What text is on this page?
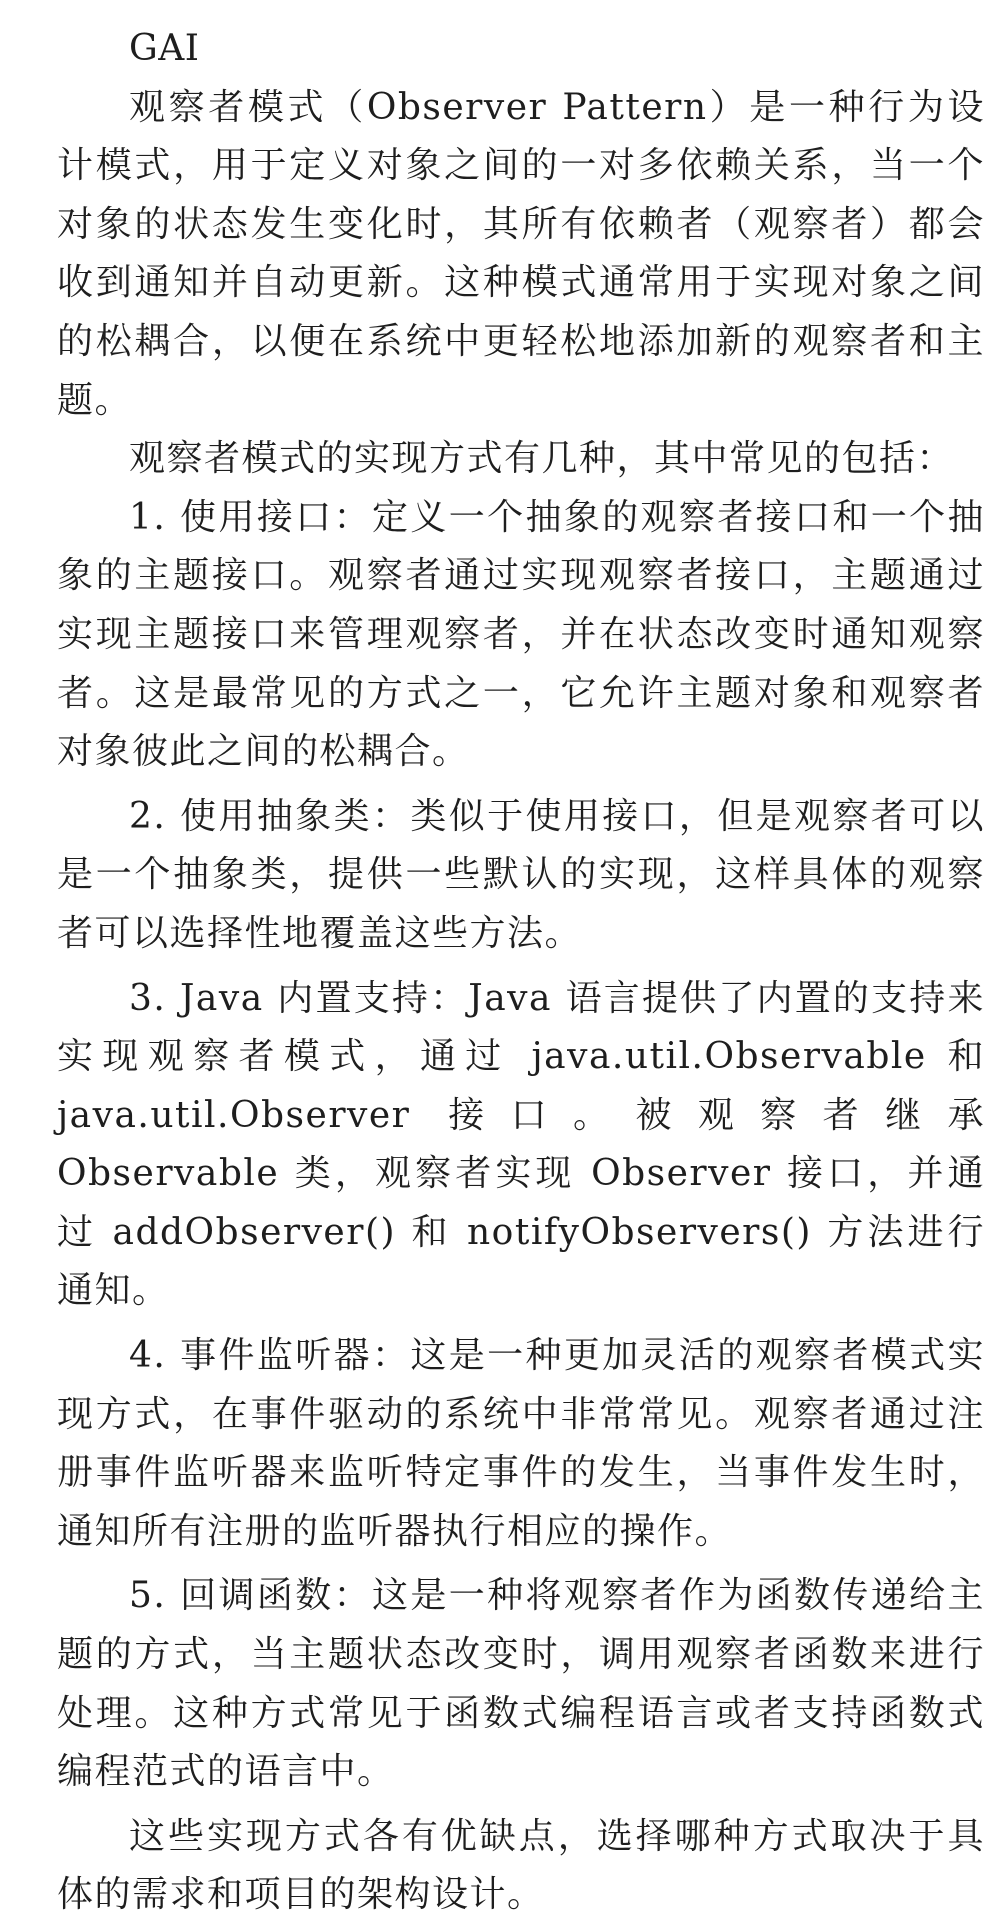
GAI

观察者模式（Observer Pattern）是一种行为设计模式，用于定义对象之间的一对多依赖关系，当一个对象的状态发生变化时，其所有依赖者（观察者）都会收到通知并自动更新。这种模式通常用于实现对象之间的松耦合，以便在系统中更轻松地添加新的观察者和主题。

观察者模式的实现方式有几种，其中常见的包括：

1. 使用接口：定义一个抽象的观察者接口和一个抽象的主题接口。观察者通过实现观察者接口，主题通过实现主题接口来管理观察者，并在状态改变时通知观察者。这是最常见的方式之一，它允许主题对象和观察者对象彼此之间的松耦合。

2. 使用抽象类：类似于使用接口，但是观察者可以是一个抽象类，提供一些默认的实现，这样具体的观察者可以选择性地覆盖这些方法。

3. Java 内置支持：Java 语言提供了内置的支持来实现观察者模式，通过 java.util.Observable 和 java.util.Observer 接口。被观察者继承 Observable 类，观察者实现 Observer 接口，并通过 addObserver() 和 notifyObservers() 方法进行通知。

4. 事件监听器：这是一种更加灵活的观察者模式实现方式，在事件驱动的系统中非常常见。观察者通过注册事件监听器来监听特定事件的发生，当事件发生时，通知所有注册的监听器执行相应的操作。

5. 回调函数：这是一种将观察者作为函数传递给主题的方式，当主题状态改变时，调用观察者函数来进行处理。这种方式常见于函数式编程语言或者支持函数式编程范式的语言中。

这些实现方式各有优缺点，选择哪种方式取决于具体的需求和项目的架构设计。
